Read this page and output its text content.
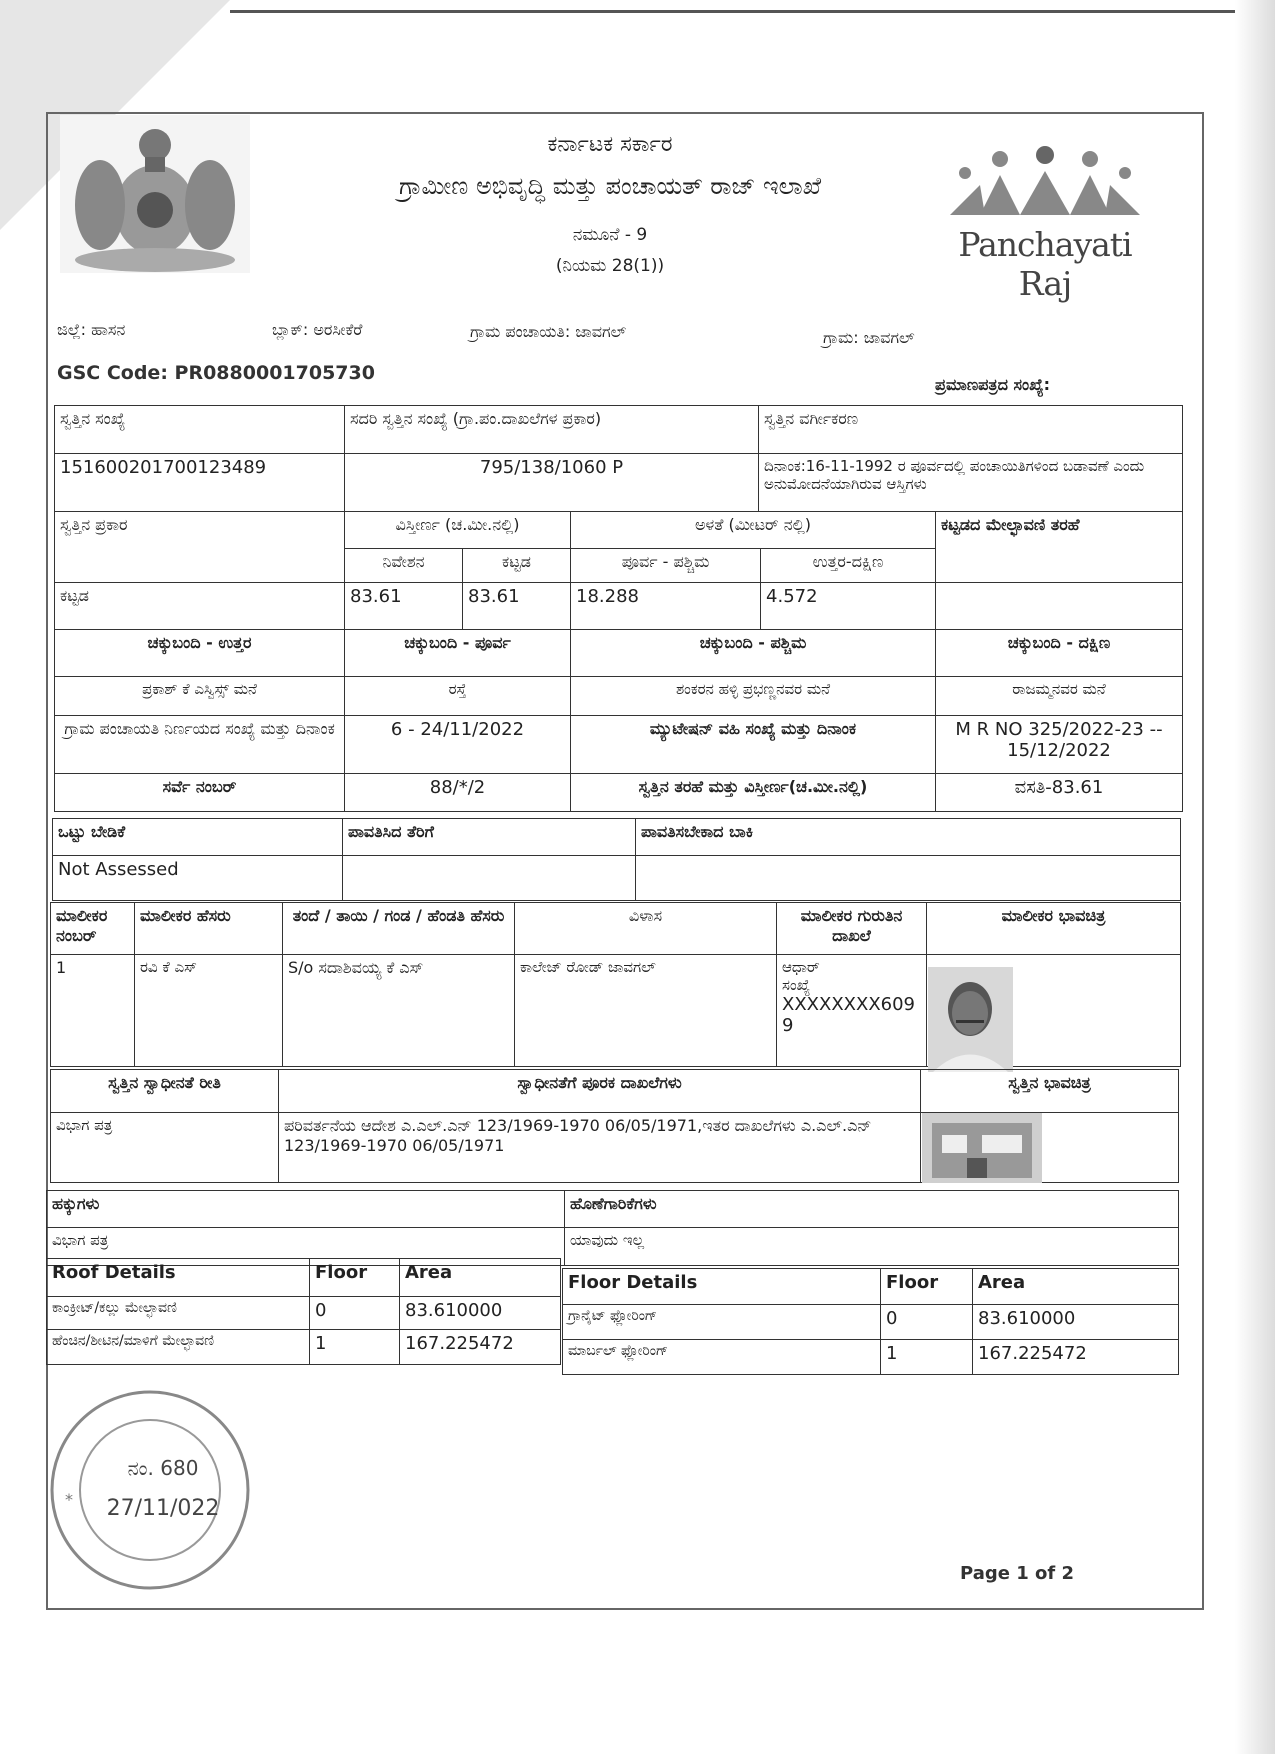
ಕರ್ನಾಟಕ ಸರ್ಕಾರ
ಗ್ರಾಮೀಣ ಅಭಿವೃದ್ಧಿ ಮತ್ತು ಪಂಚಾಯತ್ ರಾಜ್ ಇಲಾಖೆ
ನಮೂನೆ - 9
(ನಿಯಮ 28(1))
Panchayati Raj
ಜಿಲ್ಲೆ: ಹಾಸನ	ಬ್ಲಾಕ್: ಅರಸೀಕೆರೆ	ಗ್ರಾಮ ಪಂಚಾಯತಿ: ಜಾವಗಲ್	ಗ್ರಾಮ: ಜಾವಗಲ್
GSC Code: PR0880001705730
ಪ್ರಮಾಣಪತ್ರದ ಸಂಖ್ಯೆ:
ಸ್ವತ್ತಿನ ಸಂಖ್ಯೆ	ಸದರಿ ಸ್ವತ್ತಿನ ಸಂಖ್ಯೆ (ಗ್ರಾ.ಪಂ.ದಾಖಲೆಗಳ ಪ್ರಕಾರ)	ಸ್ವತ್ತಿನ ವರ್ಗೀಕರಣ
151600201700123489	795/138/1060 P	ದಿನಾಂಕ:16-11-1992 ರ ಪೂರ್ವದಲ್ಲಿ ಪಂಚಾಯಿತಿಗಳಿಂದ ಬಡಾವಣೆ ಎಂದು ಅನುಮೋದನೆಯಾಗಿರುವ ಆಸ್ತಿಗಳು
ಸ್ವತ್ತಿನ ಪ್ರಕಾರ	ವಿಸ್ತೀರ್ಣ (ಚ.ಮೀ.ನಲ್ಲಿ)		ಅಳತೆ (ಮೀಟರ್ ನಲ್ಲಿ)		ಕಟ್ಟಡದ ಮೇಲ್ಛಾವಣಿ ತರಹೆ
	ನಿವೇಶನ	ಕಟ್ಟಡ	ಪೂರ್ವ - ಪಶ್ಚಿಮ	ಉತ್ತರ-ದಕ್ಷಿಣ	
ಕಟ್ಟಡ	83.61	83.61	18.288	4.572	
ಚಕ್ಕುಬಂದಿ - ಉತ್ತರ	ಚಕ್ಕುಬಂದಿ - ಪೂರ್ವ	ಚಕ್ಕುಬಂದಿ - ಪಶ್ಚಿಮ	ಚಕ್ಕುಬಂದಿ - ದಕ್ಷಿಣ
ಪ್ರಕಾಶ್ ಕೆ ಎಸ್ವಿಸ್ಸ್ ಮನೆ	ರಸ್ತೆ	ಶಂಕರನ ಹಳ್ಳಿ ಪ್ರಭಣ್ಣನವರ ಮನೆ	ರಾಜಮ್ಮನವರ ಮನೆ
ಗ್ರಾಮ ಪಂಚಾಯತಿ ನಿರ್ಣಯದ ಸಂಖ್ಯೆ ಮತ್ತು ದಿನಾಂಕ	6 - 24/11/2022	ಮ್ಯುಟೇಷನ್ ವಹಿ ಸಂಖ್ಯೆ ಮತ್ತು ದಿನಾಂಕ	M R NO 325/2022-23 -- 15/12/2022
ಸರ್ವೆ ನಂಬರ್	88/*/2	ಸ್ವತ್ತಿನ ತರಹೆ ಮತ್ತು ವಿಸ್ತೀರ್ಣ(ಚ.ಮೀ.ನಲ್ಲಿ)	ವಸತಿ-83.61
ಒಟ್ಟು ಬೇಡಿಕೆ	ಪಾವತಿಸಿದ ತೆರಿಗೆ	ಪಾವತಿಸಬೇಕಾದ ಬಾಕಿ
Not Assessed		
ಮಾಲೀಕರ ನಂಬರ್	ಮಾಲೀಕರ ಹೆಸರು	ತಂದೆ / ತಾಯಿ / ಗಂಡ / ಹೆಂಡತಿ ಹೆಸರು	ವಿಳಾಸ	ಮಾಲೀಕರ ಗುರುತಿನ ದಾಖಲೆ	ಮಾಲೀಕರ ಭಾವಚಿತ್ರ
1	ರವಿ ಕೆ ಎಸ್	S/o ಸದಾಶಿವಯ್ಯ ಕೆ ಎಸ್	ಕಾಲೇಜ್ ರೋಡ್ ಜಾವಗಲ್	ಆಧಾರ್
ಸಂಖ್ಯೆ
XXXXXXXX609 9	

ಸ್ವತ್ತಿನ ಸ್ವಾಧೀನತೆ ರೀತಿ	ಸ್ವಾಧೀನತೆಗೆ ಪೂರಕ ದಾಖಲೆಗಳು	ಸ್ವತ್ತಿನ ಭಾವಚಿತ್ರ
ವಿಭಾಗ ಪತ್ರ	ಪರಿವರ್ತನೆಯ ಆದೇಶ ಎ.ಎಲ್.ಎನ್ 123/1969-1970 06/05/1971,ಇತರ ದಾಖಲೆಗಳು ಎ.ಎಲ್.ಎನ್ 123/1969-1970 06/05/1971	
ಹಕ್ಕುಗಳು	ಹೊಣೆಗಾರಿಕೆಗಳು
ವಿಭಾಗ ಪತ್ರ	ಯಾವುದು ಇಲ್ಲ
Roof Details	Floor	Area
ಕಾಂಕ್ರೀಟ್/ಕಲ್ಲು ಮೇಲ್ಛಾವಣಿ	0	83.610000
ಹೆಂಚಿನ/ಶೀಟಿನ/ಮಾಳಿಗೆ ಮೇಲ್ಛಾವಣಿ	1	167.225472
Floor Details	Floor	Area
ಗ್ರಾನೈಟ್ ಫ್ಲೋರಿಂಗ್	0	83.610000
ಮಾರ್ಬಲ್ ಫ್ಲೋರಿಂಗ್	1	167.225472
ನಂ. 680
27/11/022
*
Page 1 of 2
